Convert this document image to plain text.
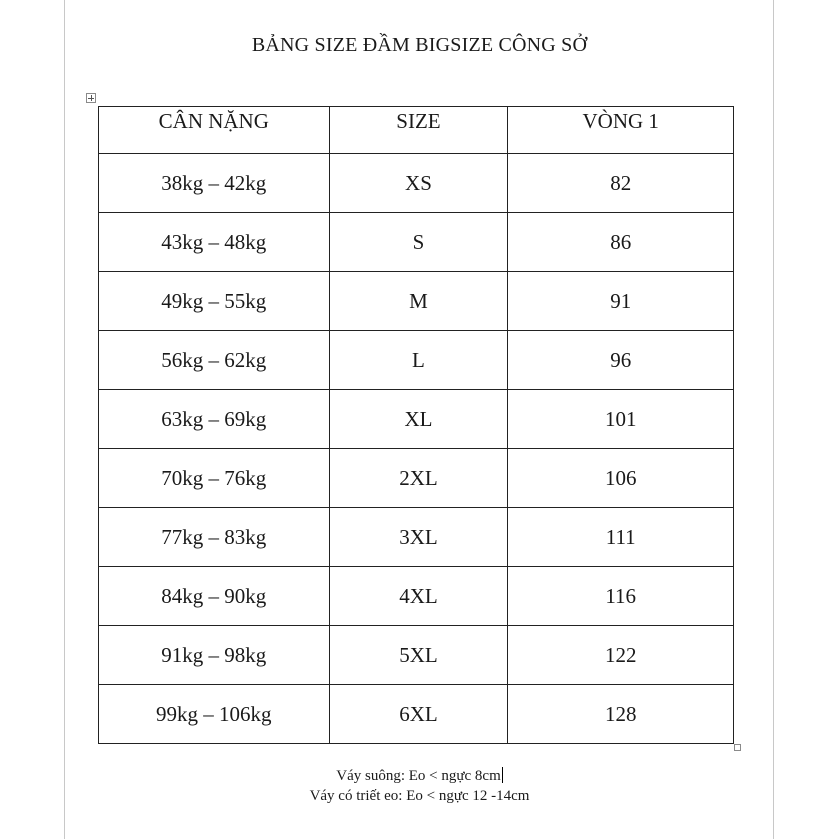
BẢNG SIZE ĐẦM BIGSIZE CÔNG SỞ
CÂN NẶNG	SIZE	VÒNG 1
38kg – 42kg	XS	82
43kg – 48kg	S	86
49kg – 55kg	M	91
56kg – 62kg	L	96
63kg – 69kg	XL	101
70kg – 76kg	2XL	106
77kg – 83kg	3XL	111
84kg – 90kg	4XL	116
91kg – 98kg	5XL	122
99kg – 106kg	6XL	128
Váy suông: Eo < ngực 8cm
Váy có triết eo: Eo < ngực 12 -14cm
